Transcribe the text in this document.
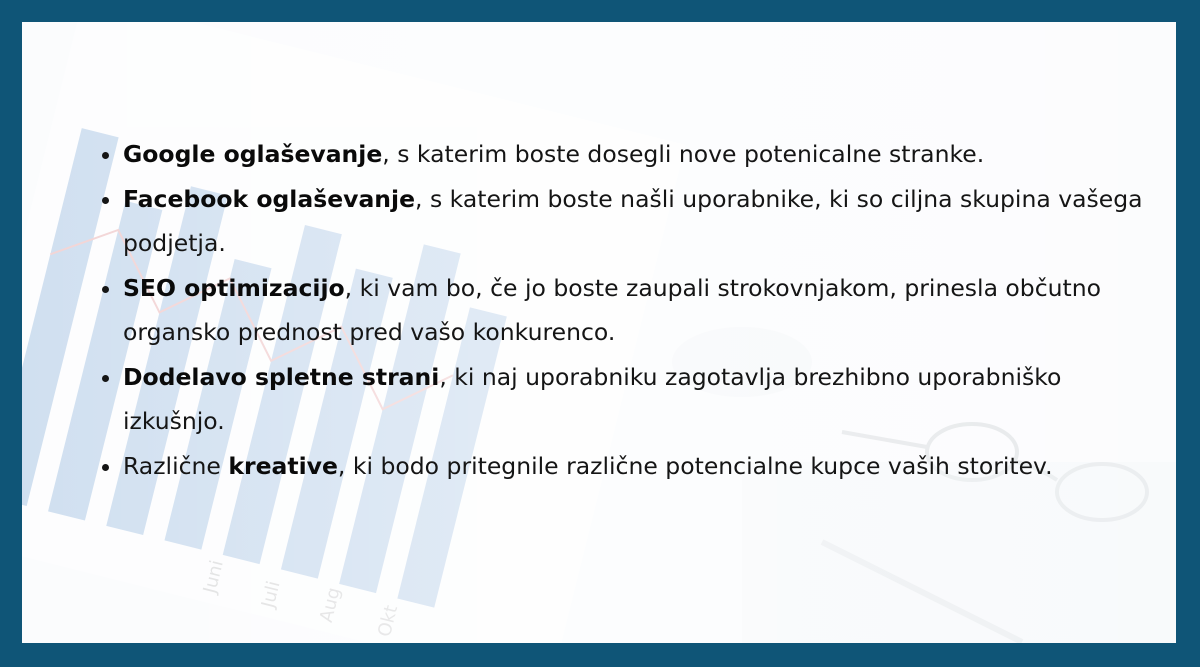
• Google oglaševanje, s katerim boste dosegli nove potenicalne stranke.
• Facebook oglaševanje, s katerim boste našli uporabnike, ki so ciljna skupina vašega podjetja.
• SEO optimizacijo, ki vam bo, če jo boste zaupali strokovnjakom, prinesla občutno organsko prednost pred vašo konkurenco.
• Dodelavo spletne strani, ki naj uporabniku zagotavlja brezhibno uporabniško izkušnjo.
• Različne kreative, ki bodo pritegnile različne potencialne kupce vaših storitev.
